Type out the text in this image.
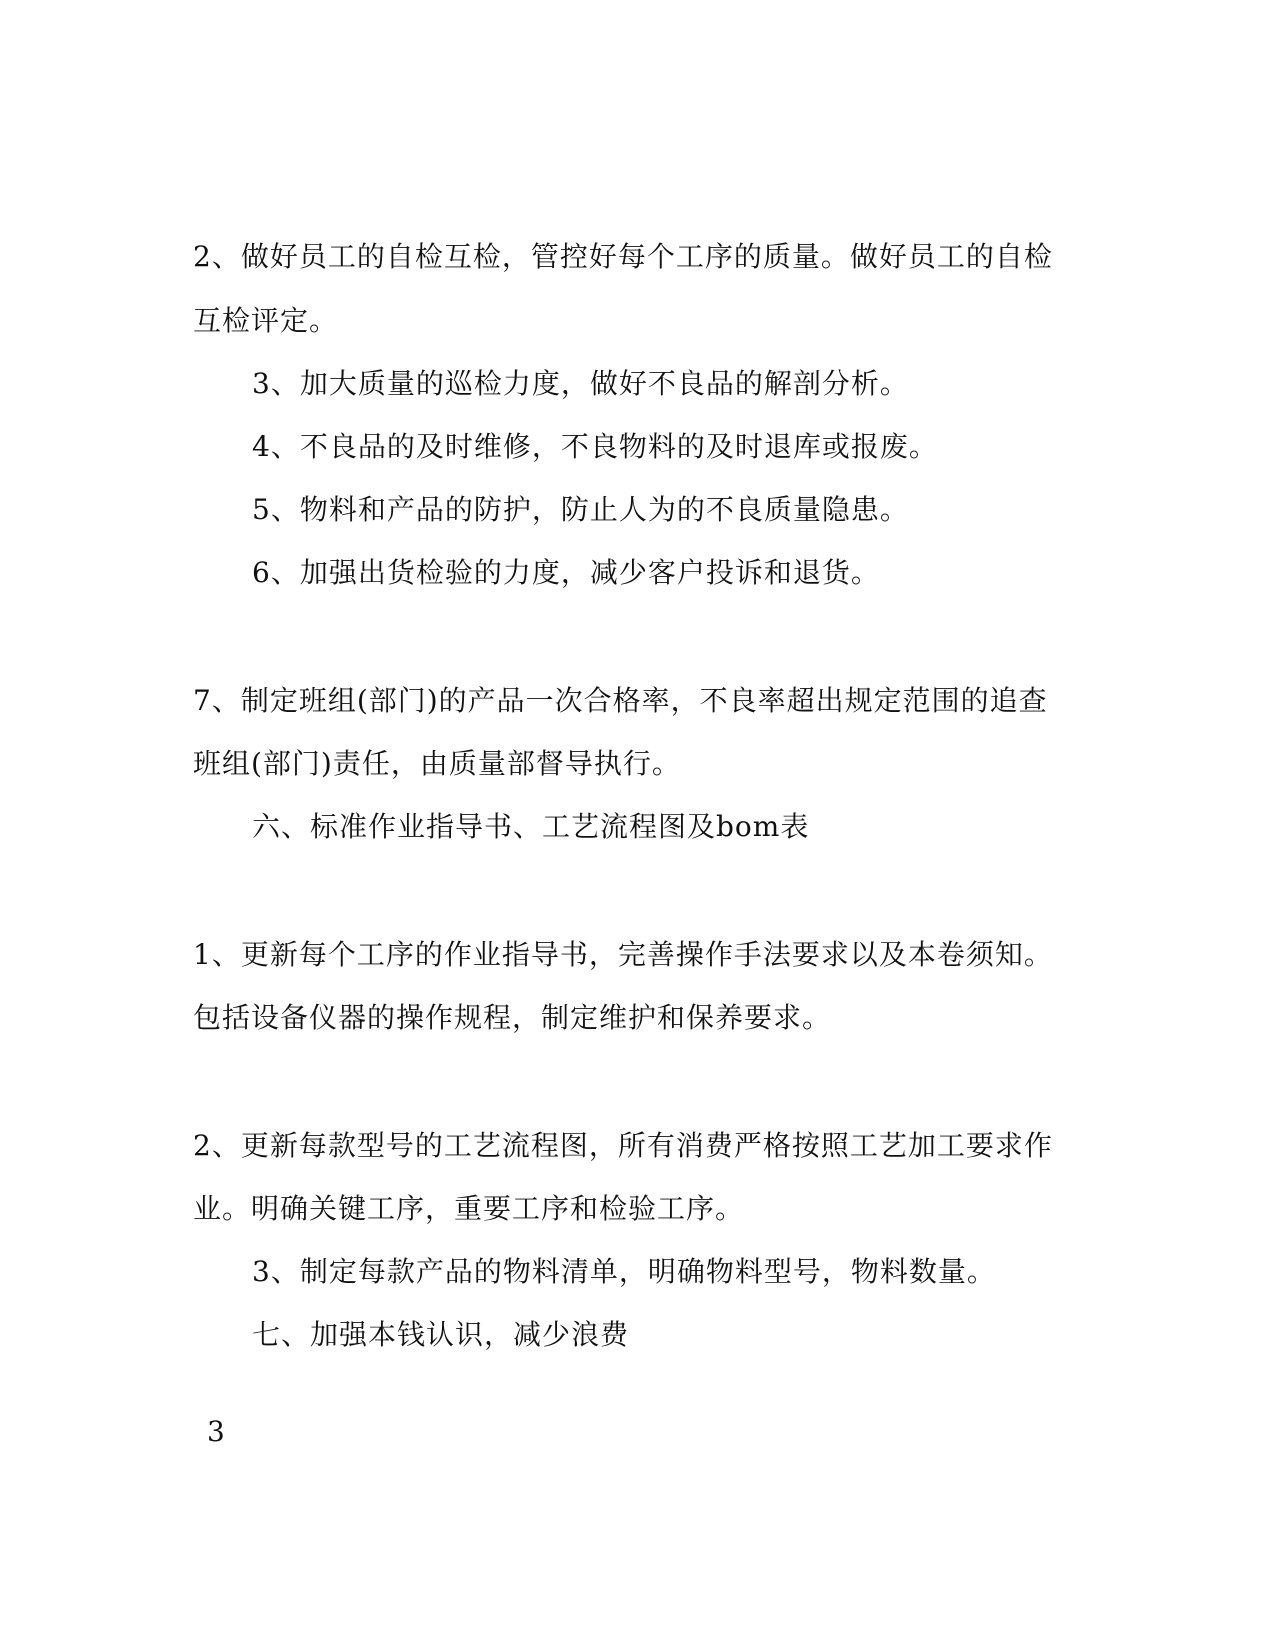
2、做好员工的自检互检，管控好每个工序的质量。做好员工的自检
互检评定。
3、加大质量的巡检力度，做好不良品的解剖分析。
4、不良品的及时维修，不良物料的及时退库或报废。
5、物料和产品的防护，防止人为的不良质量隐患。
6、加强出货检验的力度，减少客户投诉和退货。
7、制定班组(部门)的产品一次合格率，不良率超出规定范围的追查
班组(部门)责任，由质量部督导执行。
六、标准作业指导书、工艺流程图及bom表
1、更新每个工序的作业指导书，完善操作手法要求以及本卷须知。
包括设备仪器的操作规程，制定维护和保养要求。
2、更新每款型号的工艺流程图，所有消费严格按照工艺加工要求作
业。明确关键工序，重要工序和检验工序。
3、制定每款产品的物料清单，明确物料型号，物料数量。
七、加强本钱认识，减少浪费
3
